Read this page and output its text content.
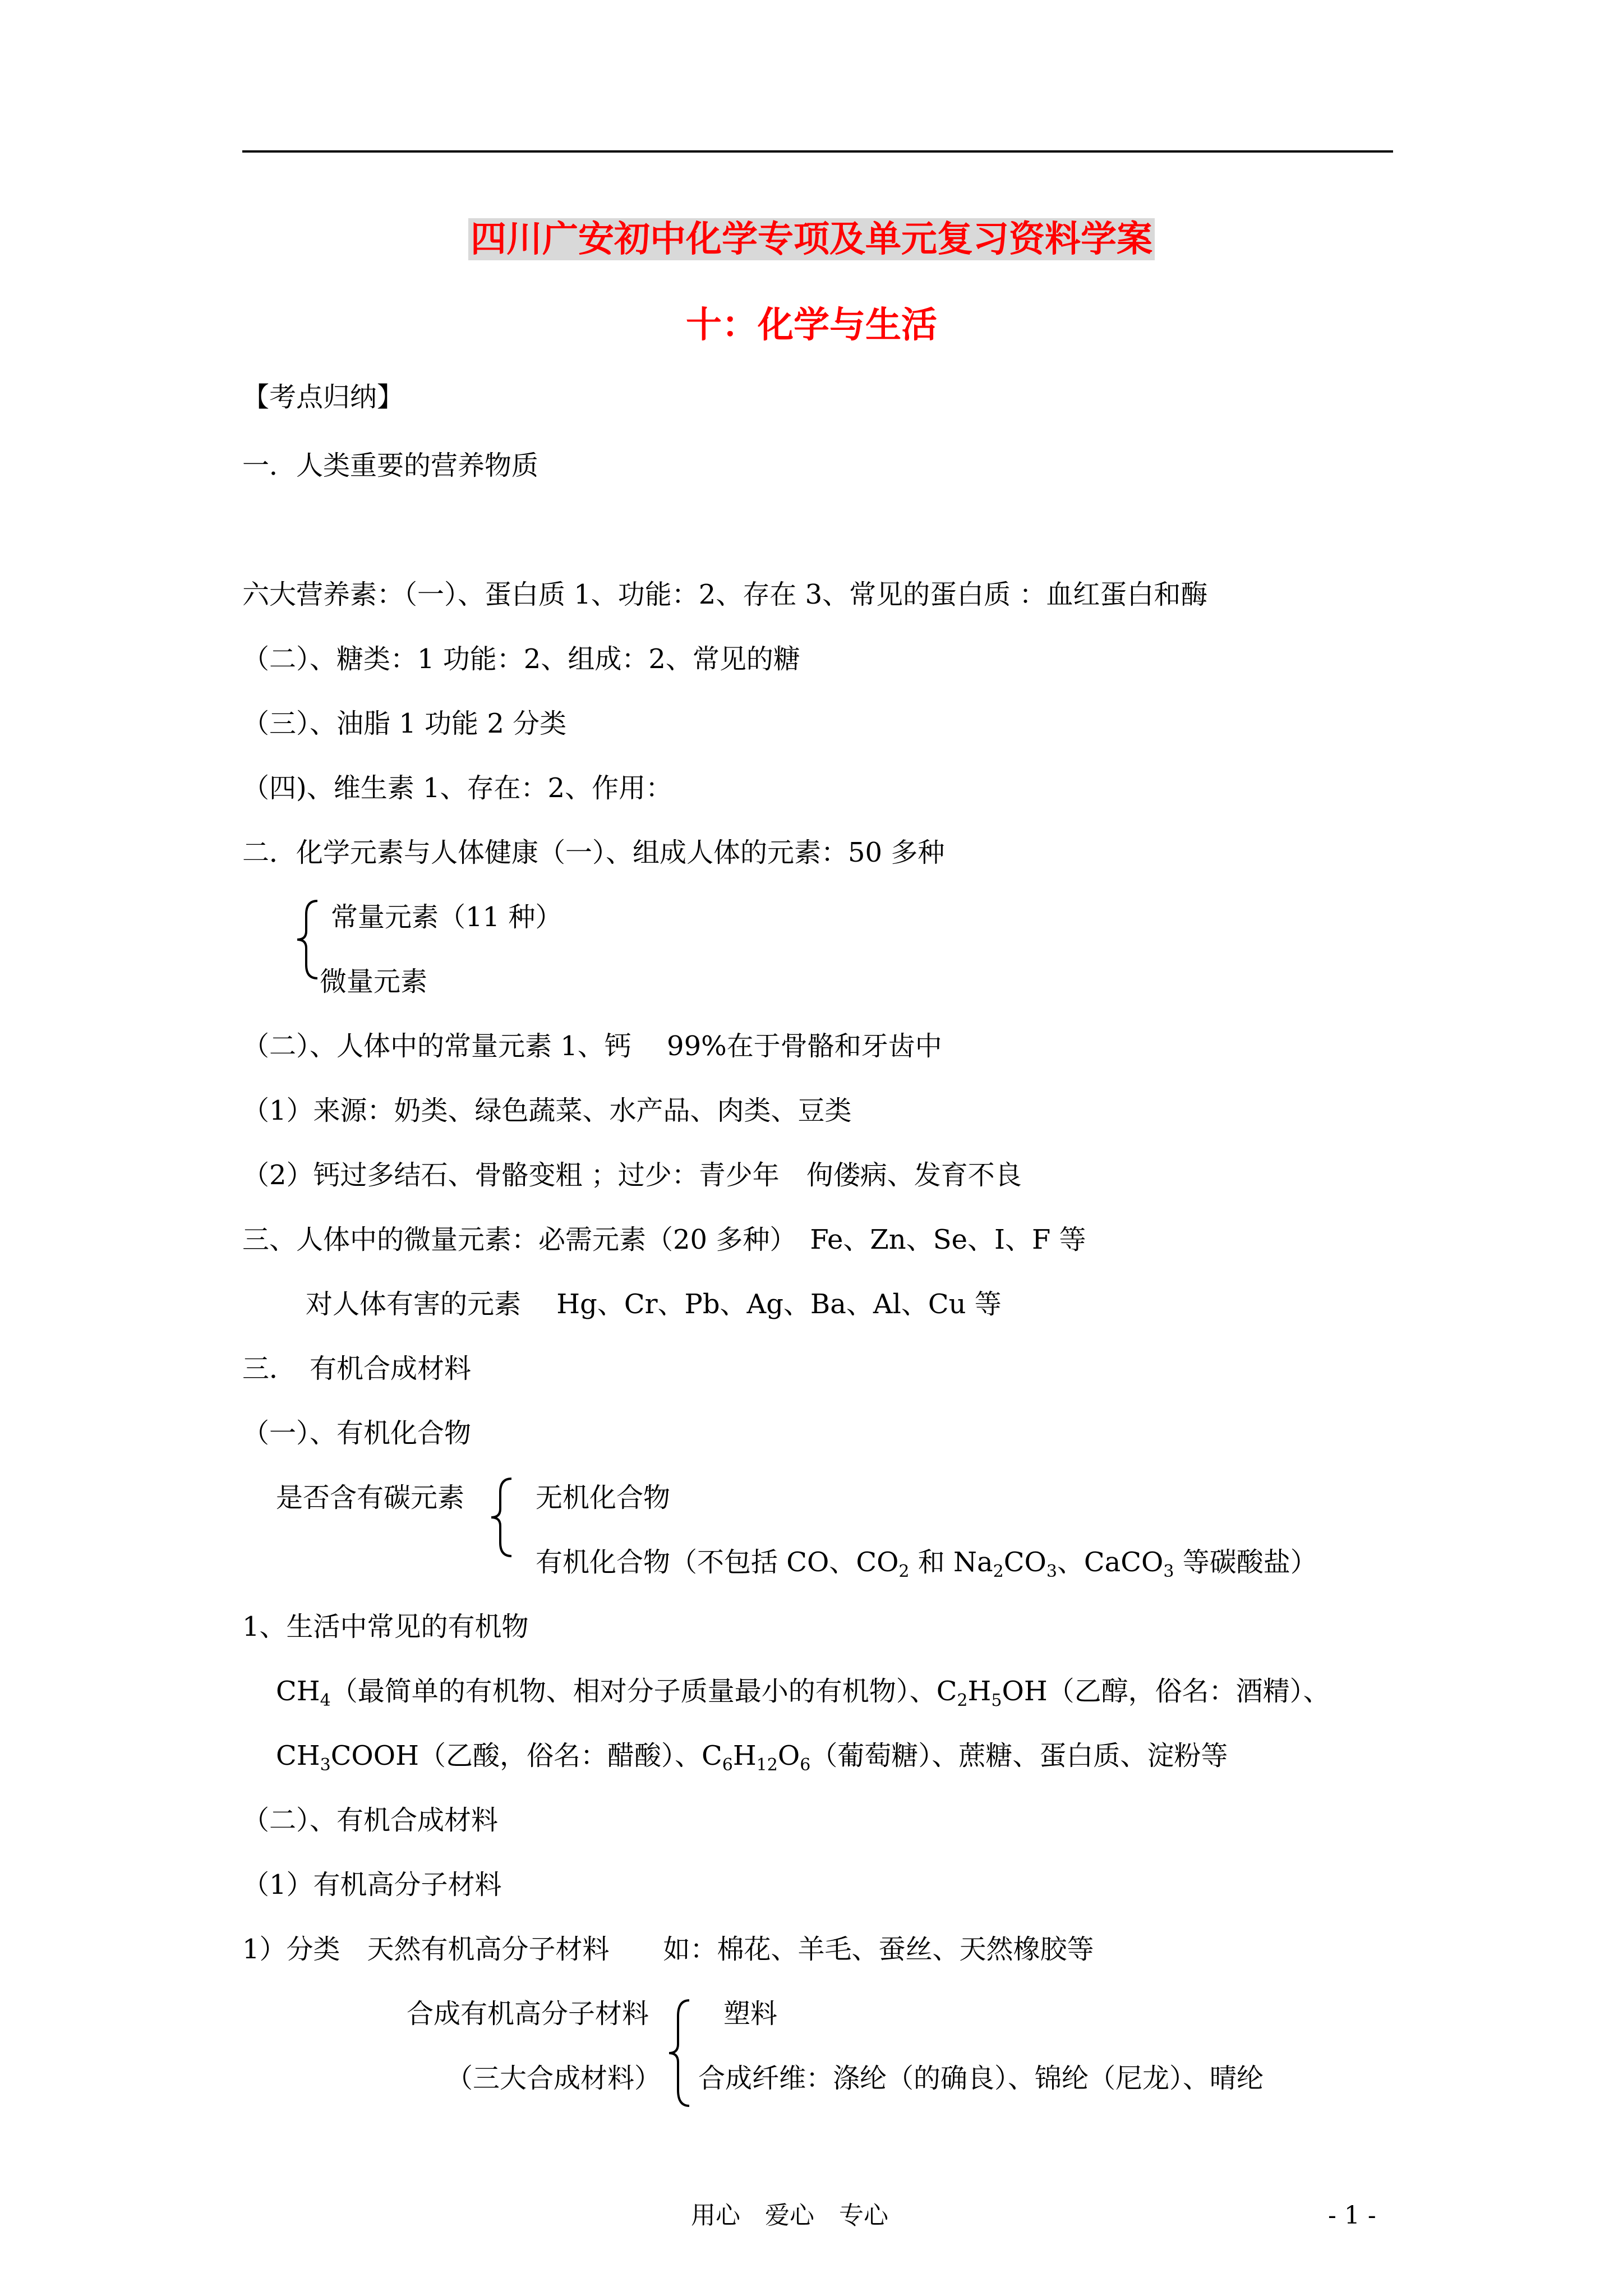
四川广安初中化学专项及单元复习资料学案
十：化学与生活
【考点归纳】
一．人类重要的营养物质
六大营养素：（一）、蛋白质 1、功能：2、存在 3、常见的蛋白质 ：血红蛋白和酶
（二）、糖类：1 功能：2、组成：2、常见的糖
（三）、油脂 1 功能 2 分类
（四)、维生素 1、存在：2、作用：
二．化学元素与人体健康（一）、组成人体的元素：50 多种
常量元素（11 种）
微量元素
（二）、人体中的常量元素 1、钙　 99%在于骨骼和牙齿中
（1）来源：奶类、绿色蔬菜、水产品、肉类、豆类
（2）钙过多结石、骨骼变粗 ；过少：青少年　佝偻病、发育不良
三、人体中的微量元素：必需元素（20 多种）　Fe、Zn、Se、I、F 等
对人体有害的元素　 Hg、Cr、Pb、Ag、Ba、Al、Cu 等
三．　有机合成材料
（一）、有机化合物
是否含有碳元素	无机化合物
有机化合物（不包括 CO、$CO_2$ 和 $Na_2CO_3$、CaCO$_3$ 等碳酸盐）
1、生活中常见的有机物
$CH_4$（最简单的有机物、相对分子质量最小的有机物）、$C_2H_5OH$（乙醇，俗名：酒精）、
$CH_3COOH$（乙酸，俗名：醋酸）、$C_6H_{12}O_6$（葡萄糖）、蔗糖、蛋白质、淀粉等
（二）、有机合成材料
（1）有机高分子材料
1）分类　天然有机高分子材料　　如：棉花、羊毛、蚕丝、天然橡胶等
合成有机高分子材料	塑料
（三大合成材料） 合成纤维：涤纶（的确良）、锦纶（尼龙）、晴纶
用心　爱心　专心	- 1 -
